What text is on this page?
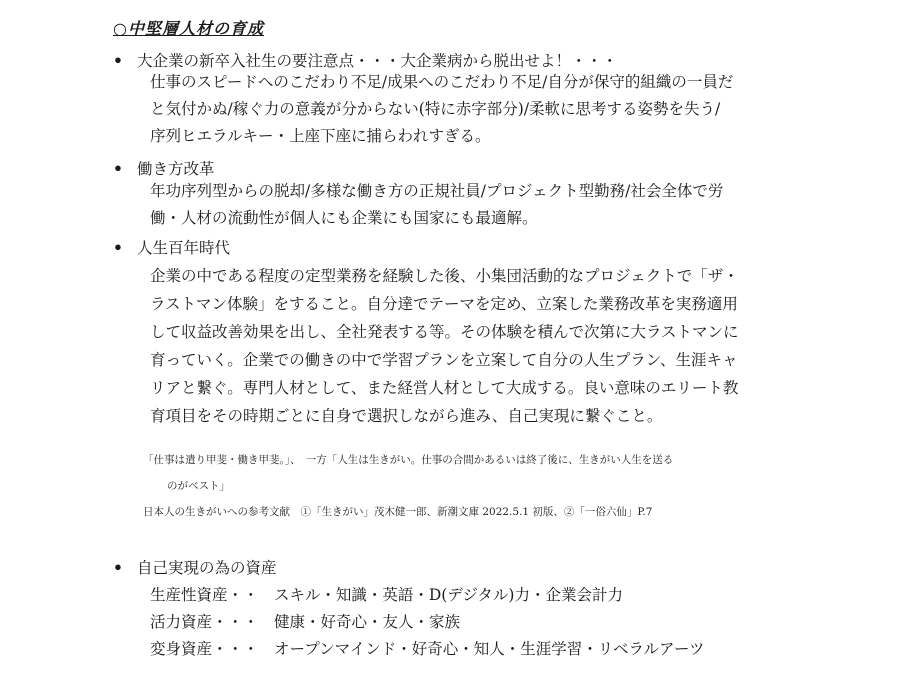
○中堅層人材の育成
• 大企業の新卒入社生の要注意点・・・大企業病から脱出せよ！・・・
仕事のスピードへのこだわり不足/成果へのこだわり不足/自分が保守的組織の一員だ
と気付かぬ/稼ぐ力の意義が分からない(特に赤字部分)/柔軟に思考する姿勢を失う/
序列ヒエラルキー・上座下座に捕らわれすぎる。
• 働き方改革
年功序列型からの脱却/多様な働き方の正規社員/プロジェクト型勤務/社会全体で労
働・人材の流動性が個人にも企業にも国家にも最適解。
• 人生百年時代
企業の中である程度の定型業務を経験した後、小集団活動的なプロジェクトで「ザ・
ラストマン体験」をすること。自分達でテーマを定め、立案した業務改革を実務適用
して収益改善効果を出し、全社発表する等。その体験を積んで次第に大ラストマンに
育っていく。企業での働きの中で学習プランを立案して自分の人生プラン、生涯キャ
リアと繋ぐ。専門人材として、また経営人材として大成する。良い意味のエリート教
育項目をその時期ごとに自身で選択しながら進み、自己実現に繋ぐこと。
「仕事は遣り甲斐・働き甲斐。」、　一方「人生は生きがい。仕事の合間かあるいは終了後に、生きがい人生を送る
のがベスト」
日本人の生きがいへの参考文献　①「生きがい」茂木健一郎、新潮文庫 2022.5.1 初版、②「一俗六仙」P.7
• 自己実現の為の資産
生産性資産・・　スキル・知識・英語・D(デジタル)力・企業会計力
活力資産・・・　健康・好奇心・友人・家族
変身資産・・・　オープンマインド・好奇心・知人・生涯学習・リベラルアーツ
